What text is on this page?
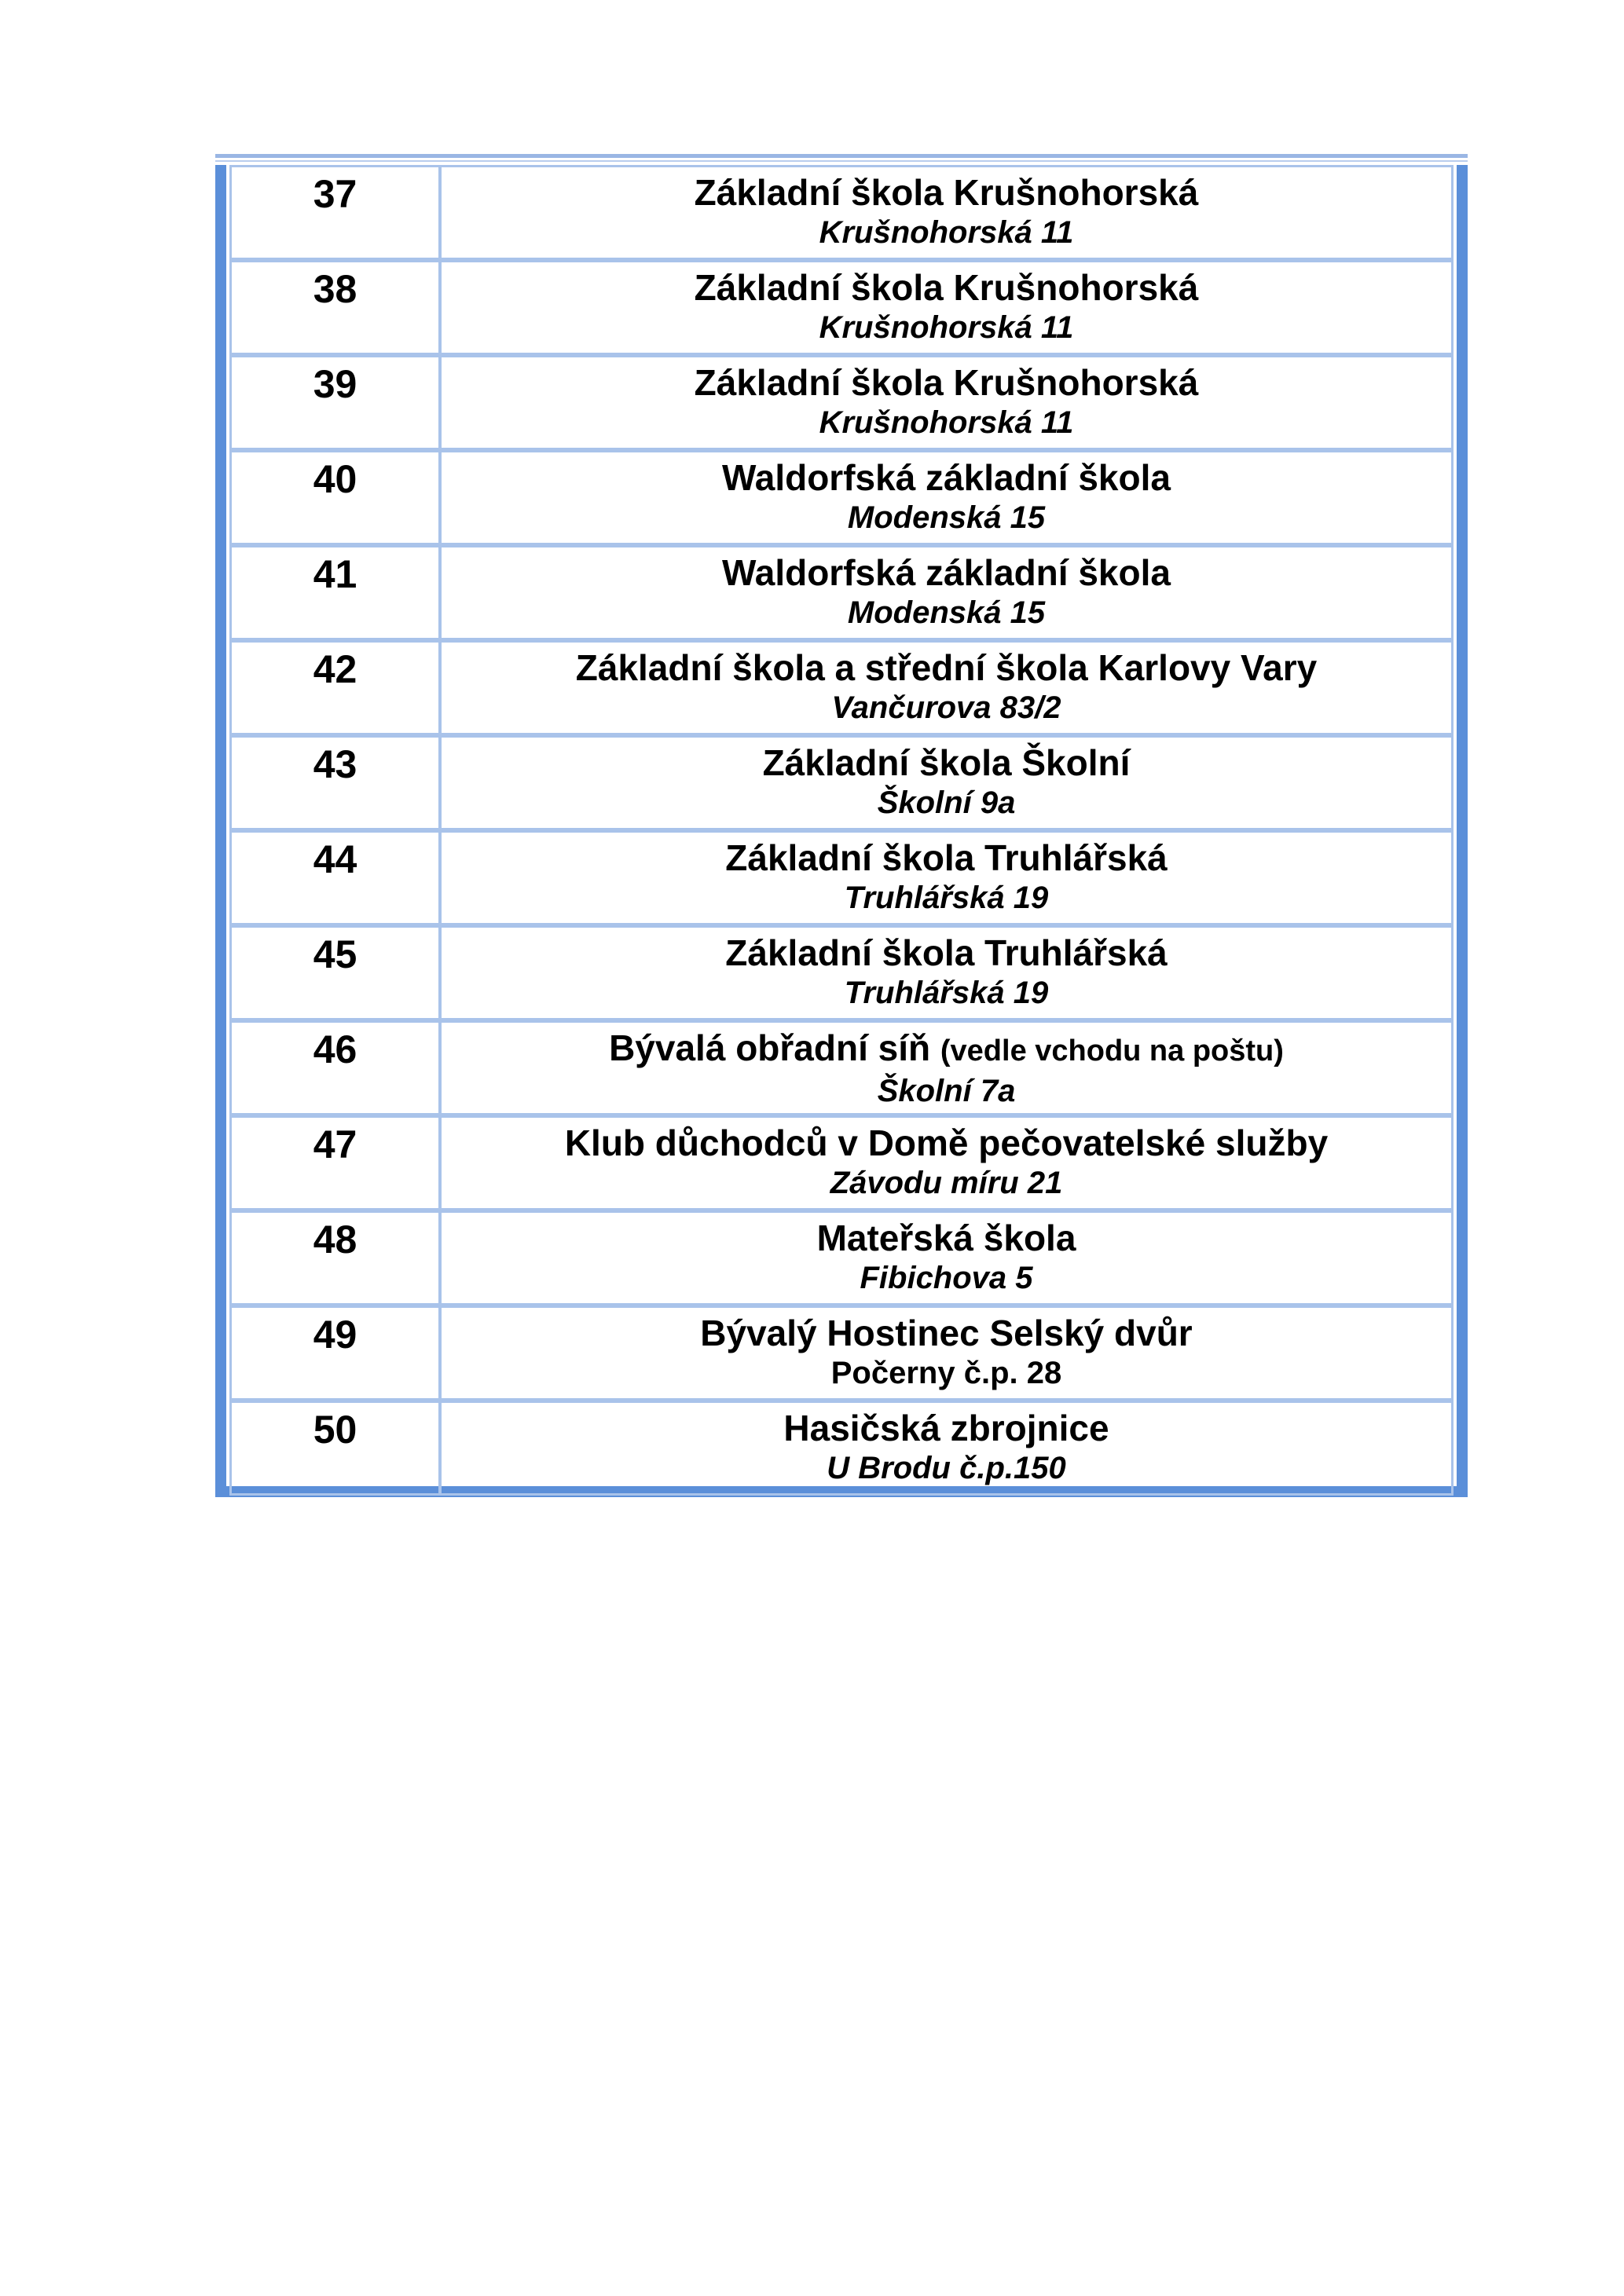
37	Základní škola Krušnohorská
Krušnohorská 11
38	Základní škola Krušnohorská
Krušnohorská 11
39	Základní škola Krušnohorská
Krušnohorská 11
40	Waldorfská základní škola
Modenská 15
41	Waldorfská základní škola
Modenská 15
42	Základní škola a střední škola Karlovy Vary
Vančurova 83/2
43	Základní škola Školní
Školní 9a
44	Základní škola Truhlářská
Truhlářská 19
45	Základní škola Truhlářská
Truhlářská 19
46	Bývalá obřadní síň (vedle vchodu na poštu)
Školní 7a
47	Klub důchodců v Domě pečovatelské služby
Závodu míru 21
48	Mateřská škola
Fibichova 5
49	Bývalý Hostinec Selský dvůr
Počerny č.p. 28
50	Hasičská zbrojnice
U Brodu č.p.150
